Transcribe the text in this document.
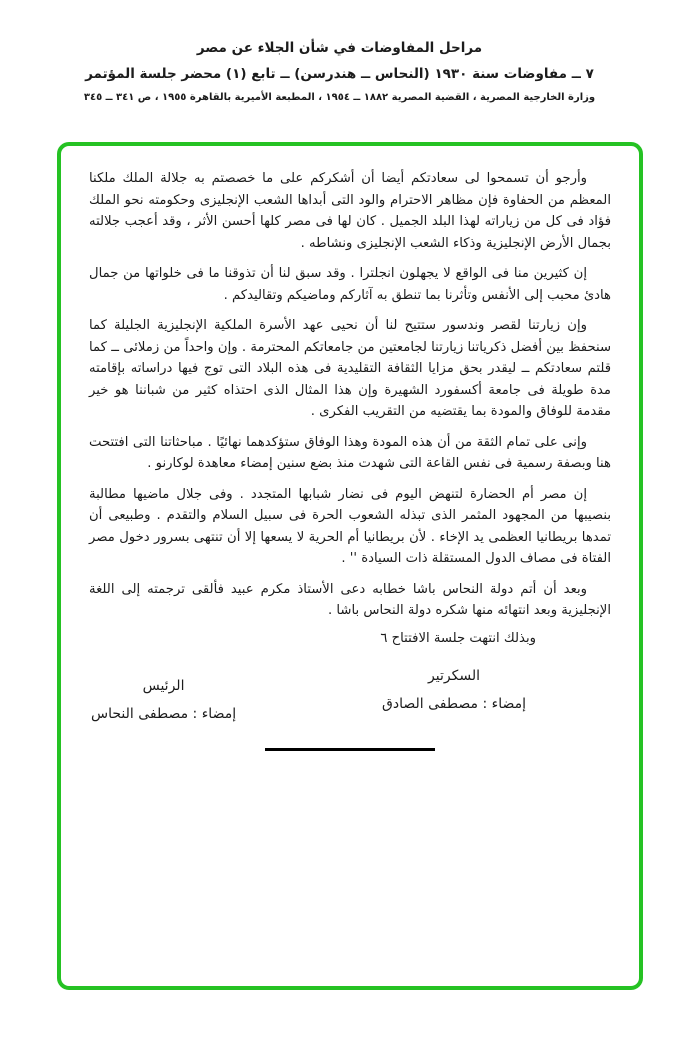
مراحل المفاوضات في شأن الجلاء عن مصر

٧ ــ مفاوضات سنة ١٩٣٠ (النحاس ــ هندرسن) ــ تابع (١) محضر جلسة المؤتمر

وزارة الخارجية المصرية ، القضية المصرية ١٨٨٢ ــ ١٩٥٤ ، المطبعة الأميرية بالقاهرة ١٩٥٥ ، ص ٣٤١ ــ ٣٤٥

وأرجو أن تسمحوا لى سعادتكم أيضا أن أشكركم على ما خصصتم به جلالة الملك ملكنا المعظم من الحفاوة فإن مظاهر الاحترام والود التى أبداها الشعب الإنجليزى وحكومته نحو الملك فؤاد فى كل من زياراته لهذا البلد الجميل . كان لها فى مصر كلها أحسن الأثر ، وقد أعجب جلالته بجمال الأرض الإنجليزية وذكاء الشعب الإنجليزى ونشاطه .

إن كثيرين منا فى الواقع لا يجهلون انجلترا . وقد سبق لنا أن تذوقنا ما فى خلواتها من جمال هادئ محبب إلى الأنفس وتأثرنا بما تنطق به آثاركم وماضيكم وتقاليدكم .

وإن زيارتنا لقصر وندسور ستتيح لنا أن نحيى عهد الأسرة الملكية الإنجليزية الجليلة كما سنحفظ بين أفضل ذكرياتنا زيارتنا لجامعتين من جامعاتكم المحترمة . وإن واحداً من زملائى ــ كما قلتم سعادتكم ــ ليقدر بحق مزايا الثقافة التقليدية فى هذه البلاد التى توج فيها دراساته بإقامته مدة طويلة فى جامعة أكسفورد الشهيرة وإن هذا المثال الذى احتذاه كثير من شباننا هو خير مقدمة للوفاق والمودة بما يقتضيه من التقريب الفكرى .

وإنى على تمام الثقة من أن هذه المودة وهذا الوفاق ستؤكدهما نهائيًا . مباحثاتنا التى افتتحت هنا وبصفة رسمية فى نفس القاعة التى شهدت منذ بضع سنين إمضاء معاهدة لوكارنو .

إن مصر أم الحضارة لتنهض اليوم فى نضار شبابها المتجدد . وفى جلال ماضيها مطالبة بنصيبها من المجهود المثمر الذى تبذله الشعوب الحرة فى سبيل السلام والتقدم . وطبيعى أن تمدها بريطانيا العظمى يد الإخاء . لأن بريطانيا أم الحرية لا يسعها إلا أن تنتهى بسرور دخول مصر الفتاة فى مصاف الدول المستقلة ذات السيادة '' .

وبعد أن أتم دولة النحاس باشا خطابه دعى الأستاذ مكرم عبيد فألقى ترجمته إلى اللغة الإنجليزية وبعد انتهائه منها شكره دولة النحاس باشا .

وبذلك انتهت جلسة الافتتاح ٦

السكرتير
إمضاء : مصطفى الصادق
الرئيس
إمضاء : مصطفى النحاس
